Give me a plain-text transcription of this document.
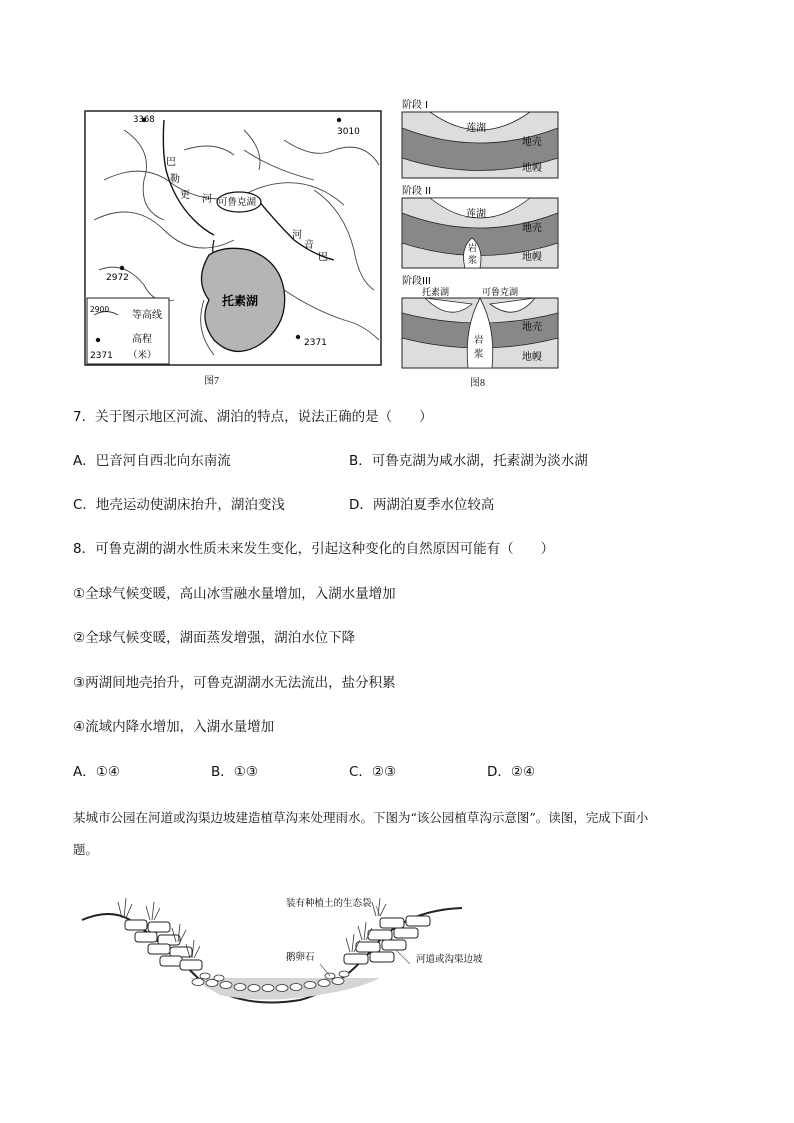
3368
3010
2972
2371
巴
勒
更 河
河
音
巴
可鲁克湖
托素湖
2900
等高线
高程
2371 （米）
图7
阶段 I
莲湖
地壳
地幔
阶段 II
莲湖
地壳
地幔
岩
浆
阶段III
托素湖	可鲁克湖
地壳
地幔
岩
浆
图8
7．关于图示地区河流、湖泊的特点，说法正确的是（　　）
A．巴音河自西北向东南流	B．可鲁克湖为咸水湖，托素湖为淡水湖
C．地壳运动使湖床抬升，湖泊变浅	D．两湖泊夏季水位较高
8．可鲁克湖的湖水性质未来发生变化，引起这种变化的自然原因可能有（　　）
①全球气候变暖，高山冰雪融水量增加，入湖水量增加
②全球气候变暖，湖面蒸发增强，湖泊水位下降
③两湖间地壳抬升，可鲁克湖湖水无法流出，盐分积累
④流域内降水增加，入湖水量增加
A．①④	B．①③	C．②③	D．②④
某城市公园在河道或沟渠边坡建造植草沟来处理雨水。下图为“该公园植草沟示意图”。读图，完成下面小
题。
装有种植土的生态袋
鹅卵石	河道或沟渠边坡
